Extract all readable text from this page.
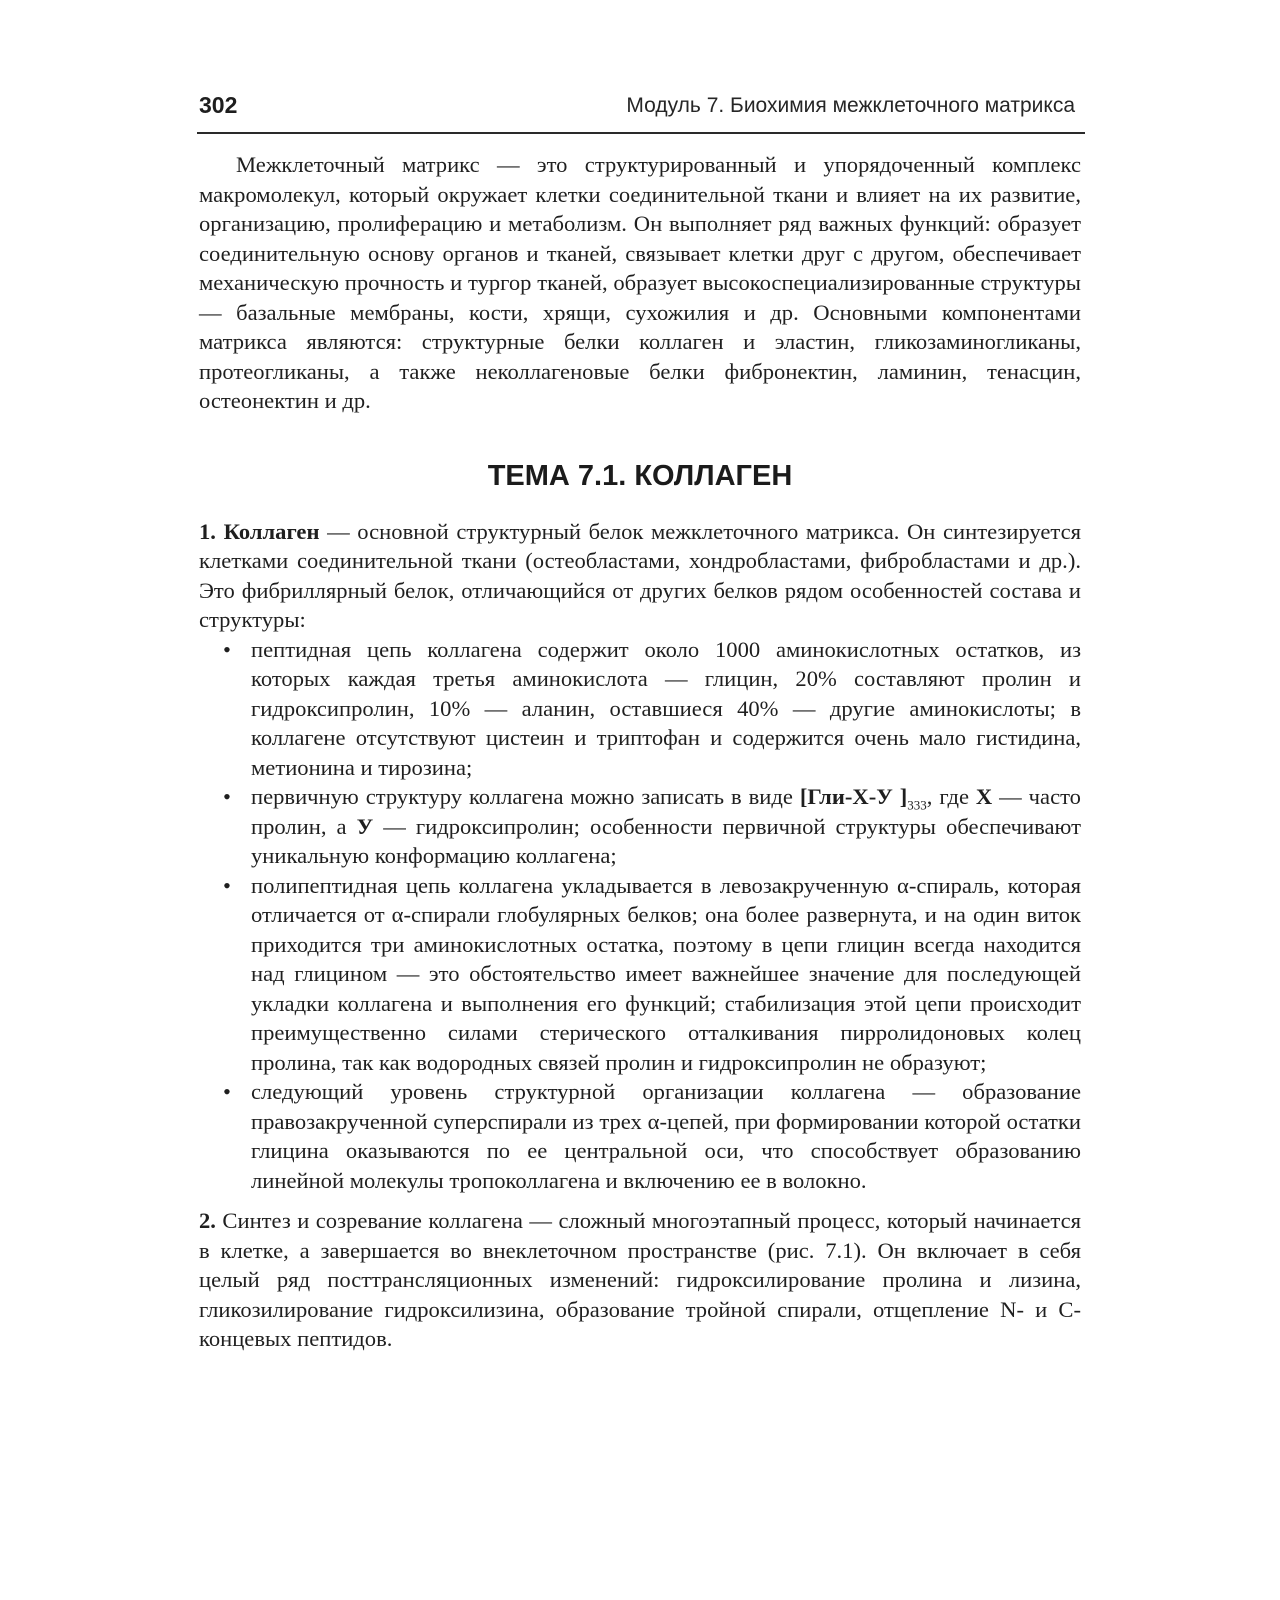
302	Модуль 7. Биохимия межклеточного матрикса

Межклеточный матрикс — это структурированный и упорядоченный комплекс макромолекул, который окружает клетки соединительной ткани и влияет на их развитие, организацию, пролиферацию и метаболизм. Он выполняет ряд важных функций: образует соединительную основу органов и тканей, связывает клетки друг с другом, обеспечивает механическую прочность и тургор тканей, образует высокоспециализированные структуры — базальные мембраны, кости, хрящи, сухожилия и др. Основными компонентами матрикса являются: структурные белки коллаген и эластин, гликозаминогликаны, протеогликаны, а также неколлагеновые белки фибронектин, ламинин, тенасцин, остеонектин и др.

ТЕМА 7.1. КОЛЛАГЕН

1. Коллаген — основной структурный белок межклеточного матрикса. Он синтезируется клетками соединительной ткани (остеобластами, хондробластами, фибробластами и др.). Это фибриллярный белок, отличающийся от других белков рядом особенностей состава и структуры:

• пептидная цепь коллагена содержит около 1000 аминокислотных остатков, из которых каждая третья аминокислота — глицин, 20% составляют пролин и гидроксипролин, 10% — аланин, оставшиеся 40% — другие аминокислоты; в коллагене отсутствуют цистеин и триптофан и содержится очень мало гистидина, метионина и тирозина;
• первичную структуру коллагена можно записать в виде [Гли-Х-У ]$_{333}$, где Х — часто пролин, а У — гидроксипролин; особенности первичной структуры обеспечивают уникальную конформацию коллагена;
• полипептидная цепь коллагена укладывается в левозакрученную α-спираль, которая отличается от α-спирали глобулярных белков; она более развернута, и на один виток приходится три аминокислотных остатка, поэтому в цепи глицин всегда находится над глицином — это обстоятельство имеет важнейшее значение для последующей укладки коллагена и выполнения его функций; стабилизация этой цепи происходит преимущественно силами стерического отталкивания пирролидоновых колец пролина, так как водородных связей пролин и гидроксипролин не образуют;
• следующий уровень структурной организации коллагена — образование правозакрученной суперспирали из трех α-цепей, при формировании которой остатки глицина оказываются по ее центральной оси, что способствует образованию линейной молекулы тропоколлагена и включению ее в волокно.

2. Синтез и созревание коллагена — сложный многоэтапный процесс, который начинается в клетке, а завершается во внеклеточном пространстве (рис. 7.1). Он включает в себя целый ряд посттрансляционных изменений: гидроксилирование пролина и лизина, гликозилирование гидроксилизина, образование тройной спирали, отщепление N- и С-концевых пептидов.
